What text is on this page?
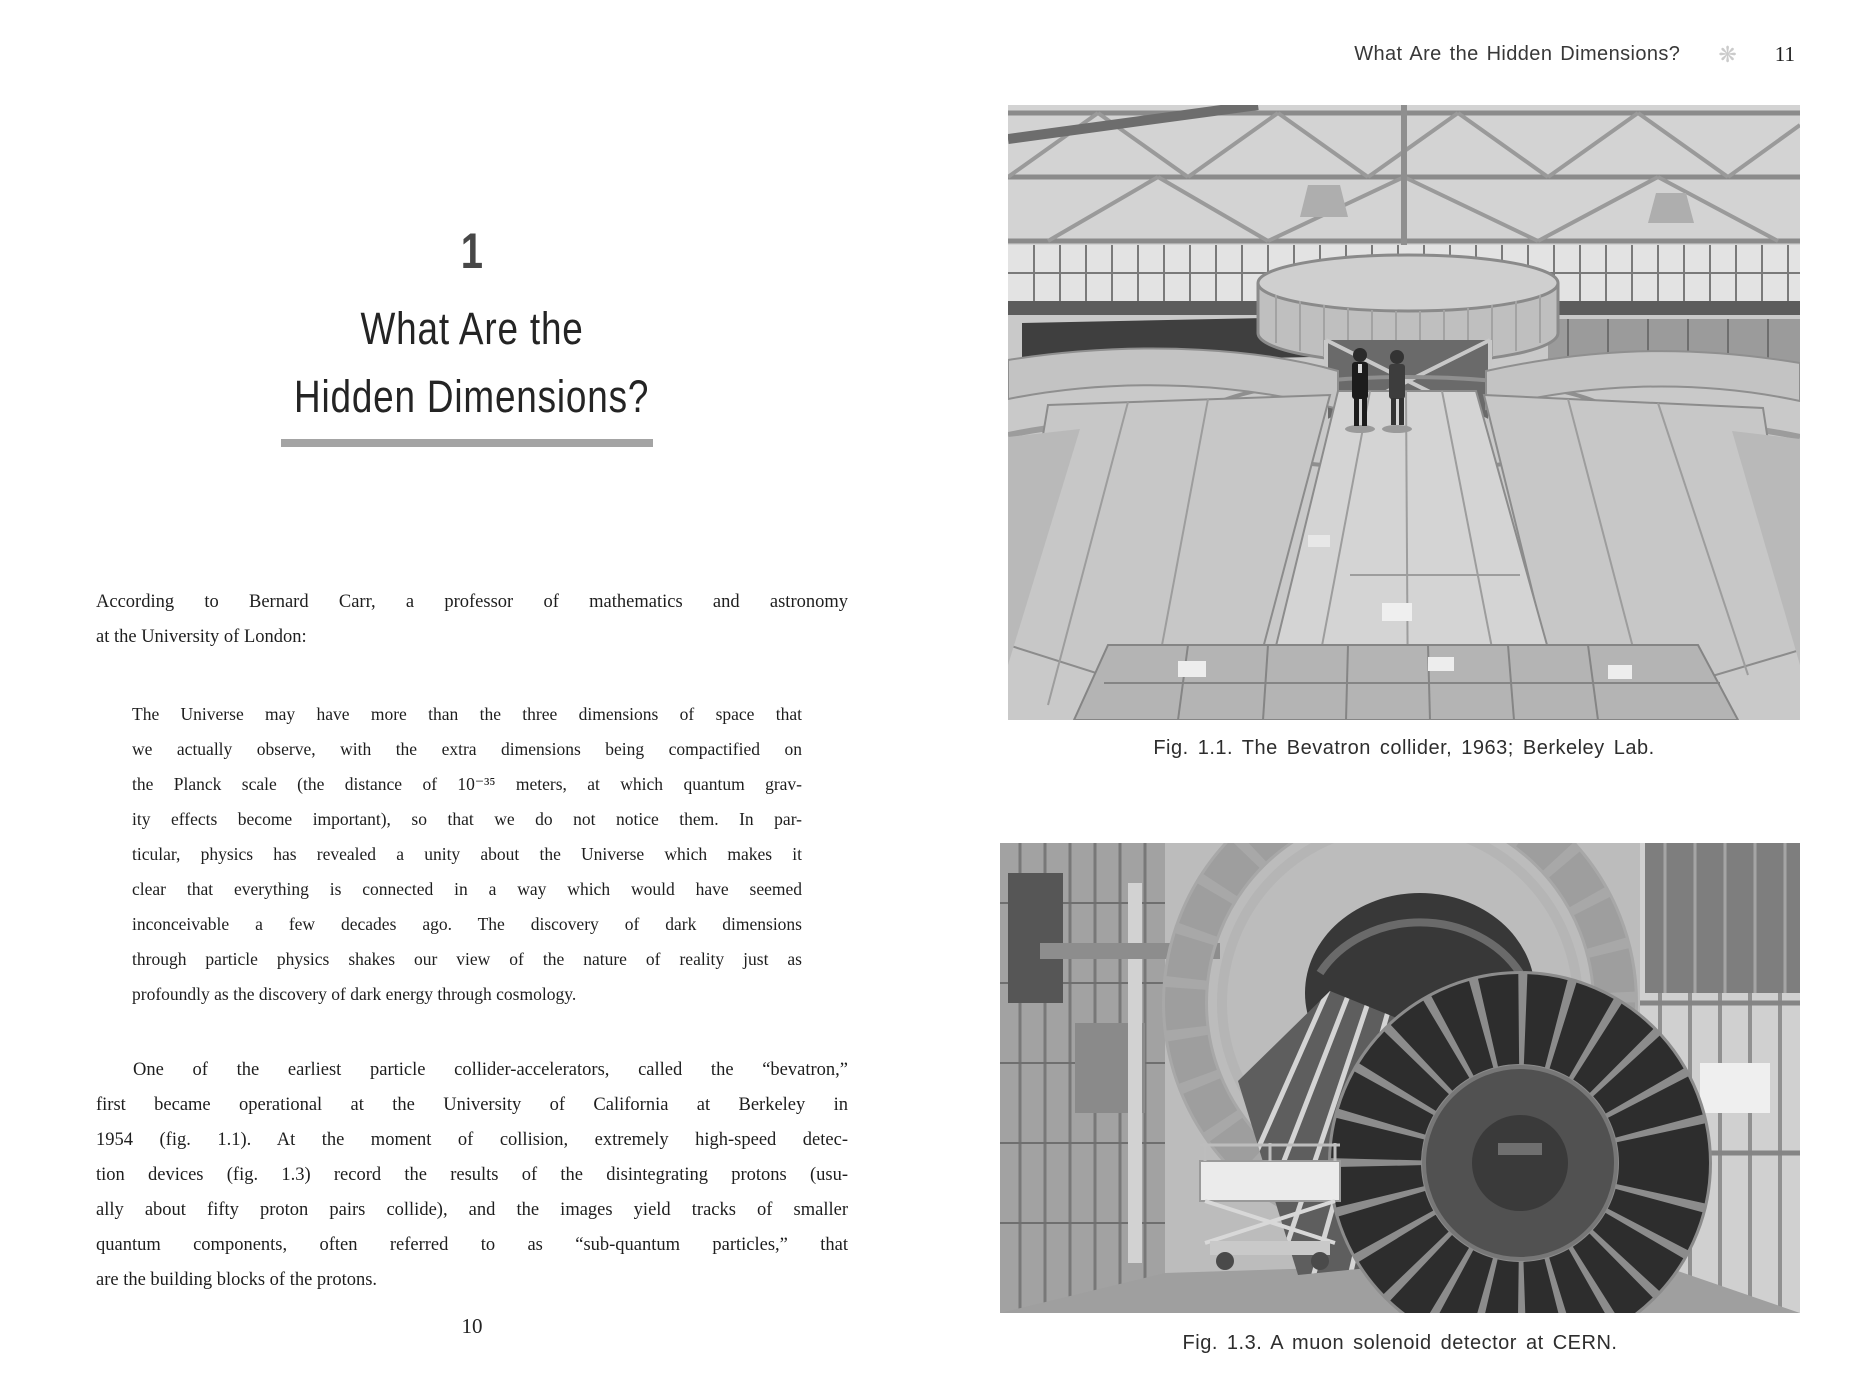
1
What Are the
Hidden Dimensions?
According to Bernard Carr, a professor of mathematics and astronomy
at the University of London:
The Universe may have more than the three dimensions of space that
we actually observe, with the extra dimensions being compactified on
the Planck scale (the distance of 10⁻³⁵ meters, at which quantum grav-
ity effects become important), so that we do not notice them. In par-
ticular, physics has revealed a unity about the Universe which makes it
clear that everything is connected in a way which would have seemed
inconceivable a few decades ago. The discovery of dark dimensions
through particle physics shakes our view of the nature of reality just as
profoundly as the discovery of dark energy through cosmology.
One of the earliest particle collider-accelerators, called the “bevatron,”
first became operational at the University of California at Berkeley in
1954 (fig. 1.1). At the moment of collision, extremely high-speed detec-
tion devices (fig. 1.3) record the results of the disintegrating protons (usu-
ally about fifty proton pairs collide), and the images yield tracks of smaller
quantum components, often referred to as “sub-quantum particles,” that
are the building blocks of the protons.
10
What Are the Hidden Dimensions? ❋ 11
Fig. 1.1. The Bevatron collider, 1963; Berkeley Lab.
Fig. 1.3. A muon solenoid detector at CERN.
